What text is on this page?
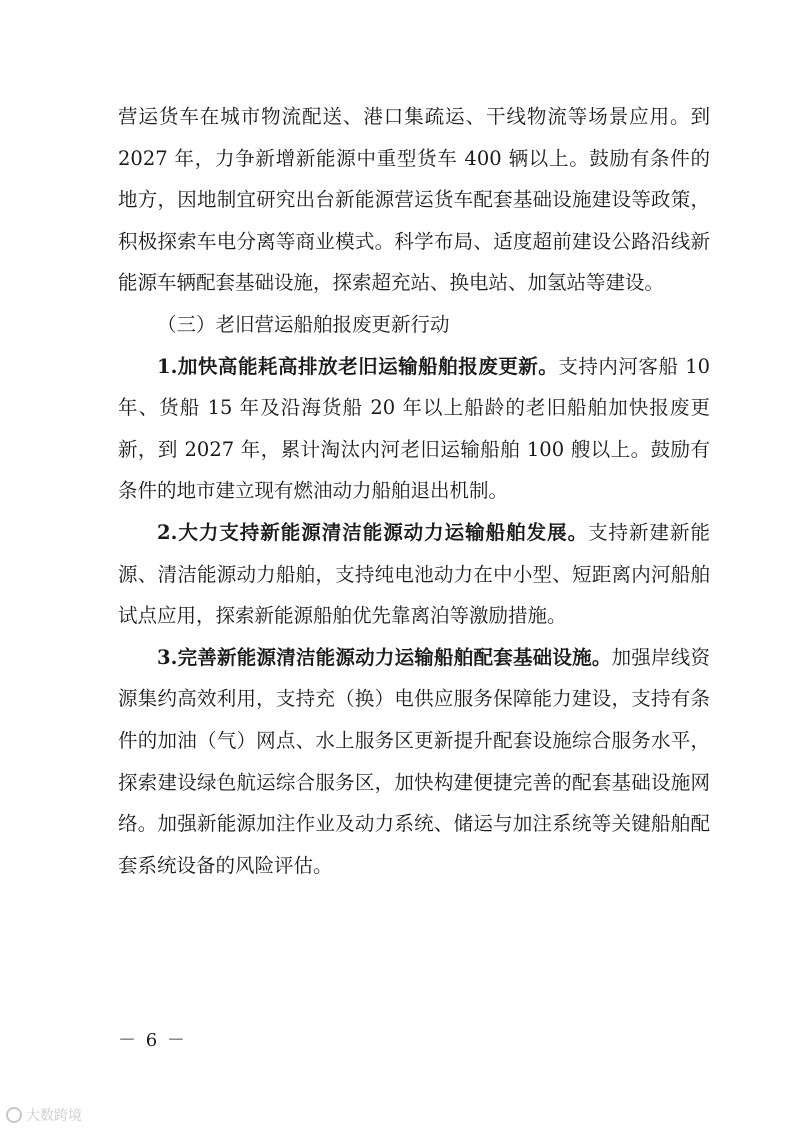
营运货车在城市物流配送、港口集疏运、干线物流等场景应用。到 2027 年，力争新增新能源中重型货车 400 辆以上。鼓励有条件的地方，因地制宜研究出台新能源营运货车配套基础设施建设等政策，积极探索车电分离等商业模式。科学布局、适度超前建设公路沿线新能源车辆配套基础设施，探索超充站、换电站、加氢站等建设。

（三）老旧营运船舶报废更新行动

1.加快高能耗高排放老旧运输船舶报废更新。支持内河客船 10 年、货船 15 年及沿海货船 20 年以上船龄的老旧船舶加快报废更新，到 2027 年，累计淘汰内河老旧运输船舶 100 艘以上。鼓励有条件的地市建立现有燃油动力船舶退出机制。

2.大力支持新能源清洁能源动力运输船舶发展。支持新建新能源、清洁能源动力船舶，支持纯电池动力在中小型、短距离内河船舶试点应用，探索新能源船舶优先靠离泊等激励措施。

3.完善新能源清洁能源动力运输船舶配套基础设施。加强岸线资源集约高效利用，支持充（换）电供应服务保障能力建设，支持有条件的加油（气）网点、水上服务区更新提升配套设施综合服务水平，探索建设绿色航运综合服务区，加快构建便捷完善的配套基础设施网络。加强新能源加注作业及动力系统、储运与加注系统等关键船舶配套系统设备的风险评估。

－ 6 －
大数跨境
